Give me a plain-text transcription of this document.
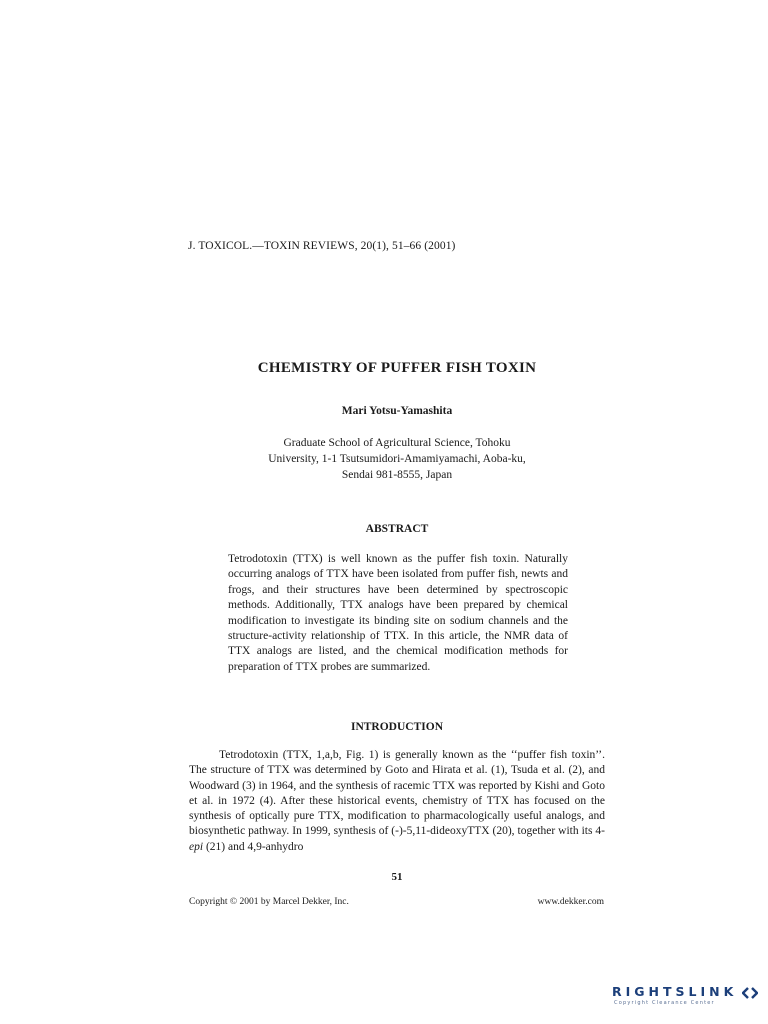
J. TOXICOL.—TOXIN REVIEWS, 20(1), 51–66 (2001)
CHEMISTRY OF PUFFER FISH TOXIN
Mari Yotsu-Yamashita
Graduate School of Agricultural Science, Tohoku
University, 1-1 Tsutsumidori-Amamiyamachi, Aoba-ku,
Sendai 981-8555, Japan
ABSTRACT
Tetrodotoxin (TTX) is well known as the puffer fish toxin. Naturally occurring analogs of TTX have been isolated from puffer fish, newts and frogs, and their structures have been determined by spectroscopic methods. Additionally, TTX analogs have been prepared by chemical modification to investigate its binding site on sodium channels and the structure-activity relationship of TTX. In this article, the NMR data of TTX analogs are listed, and the chemical modification methods for preparation of TTX probes are summarized.
INTRODUCTION
Tetrodotoxin (TTX, 1,a,b, Fig. 1) is generally known as the ‘‘puffer fish toxin’’. The structure of TTX was determined by Goto and Hirata et al. (1), Tsuda et al. (2), and Woodward (3) in 1964, and the synthesis of racemic TTX was reported by Kishi and Goto et al. in 1972 (4). After these historical events, chemistry of TTX has focused on the synthesis of optically pure TTX, modification to pharmacologically useful analogs, and biosynthetic pathway. In 1999, synthesis of (-)-5,11-dideoxyTTX (20), together with its 4-epi (21) and 4,9-anhydro
51
Copyright © 2001 by Marcel Dekker, Inc.	www.dekker.com
RIGHTSLINK
Copyright Clearance Center
